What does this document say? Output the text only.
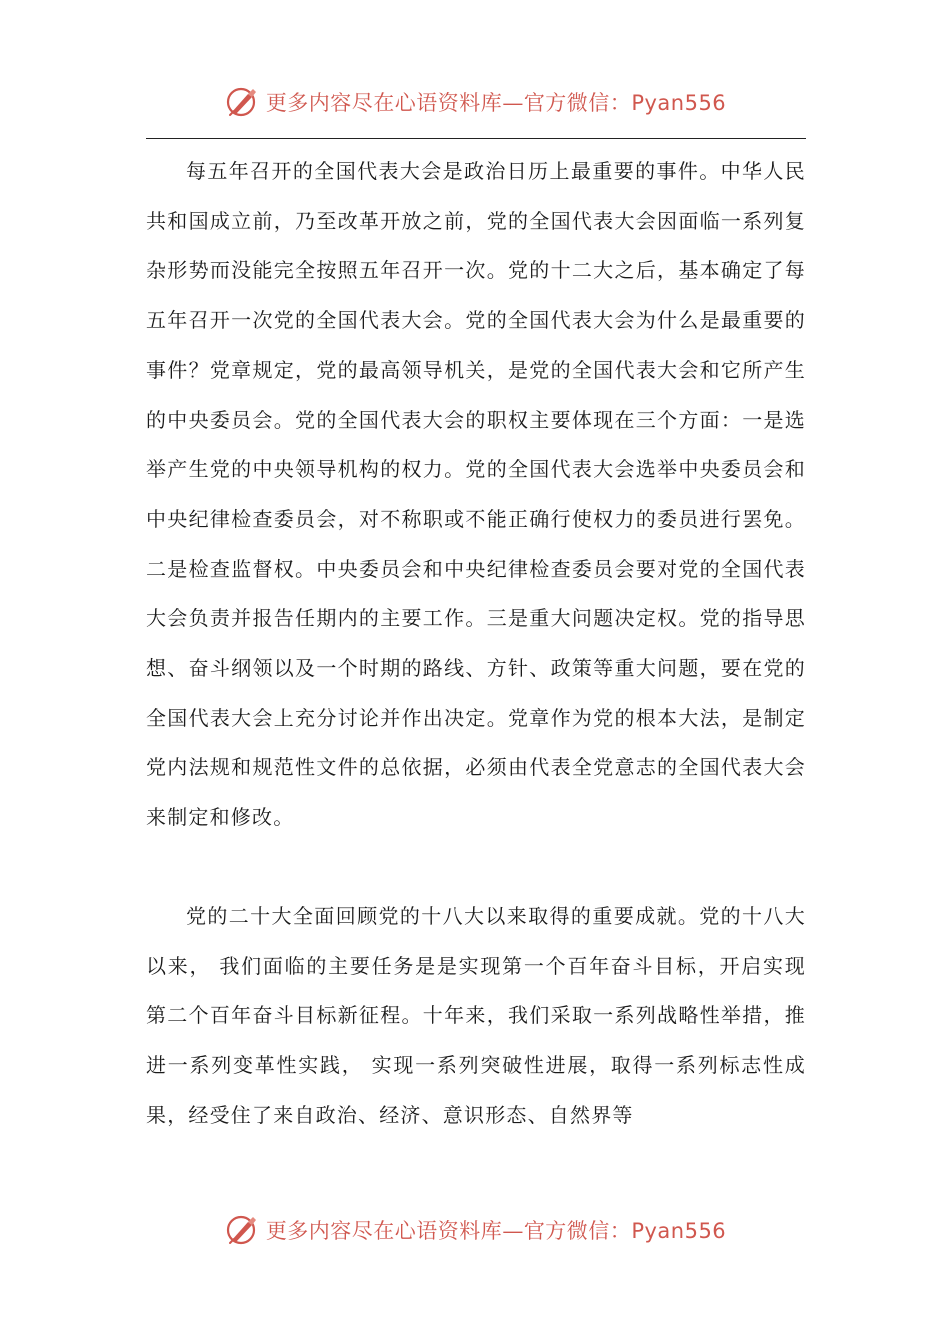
更多内容尽在心语资料库—官方微信：Pyan556

每五年召开的全国代表大会是政治日历上最重要的事件。中华人民共和国成立前，乃至改革开放之前，党的全国代表大会因面临一系列复杂形势而没能完全按照五年召开一次。党的十二大之后，基本确定了每五年召开一次党的全国代表大会。党的全国代表大会为什么是最重要的事件？党章规定，党的最高领导机关，是党的全国代表大会和它所产生的中央委员会。党的全国代表大会的职权主要体现在三个方面：一是选举产生党的中央领导机构的权力。党的全国代表大会选举中央委员会和中央纪律检查委员会，对不称职或不能正确行使权力的委员进行罢免。二是检查监督权。中央委员会和中央纪律检查委员会要对党的全国代表大会负责并报告任期内的主要工作。三是重大问题决定权。党的指导思想、奋斗纲领以及一个时期的路线、方针、政策等重大问题，要在党的全国代表大会上充分讨论并作出决定。党章作为党的根本大法，是制定党内法规和规范性文件的总依据，必须由代表全党意志的全国代表大会来制定和修改。

党的二十大全面回顾党的十八大以来取得的重要成就。党的十八大以来， 我们面临的主要任务是是实现第一个百年奋斗目标，开启实现第二个百年奋斗目标新征程。十年来，我们采取一系列战略性举措，推进一系列变革性实践， 实现一系列突破性进展，取得一系列标志性成果，经受住了来自政治、经济、意识形态、自然界等

更多内容尽在心语资料库—官方微信：Pyan556
